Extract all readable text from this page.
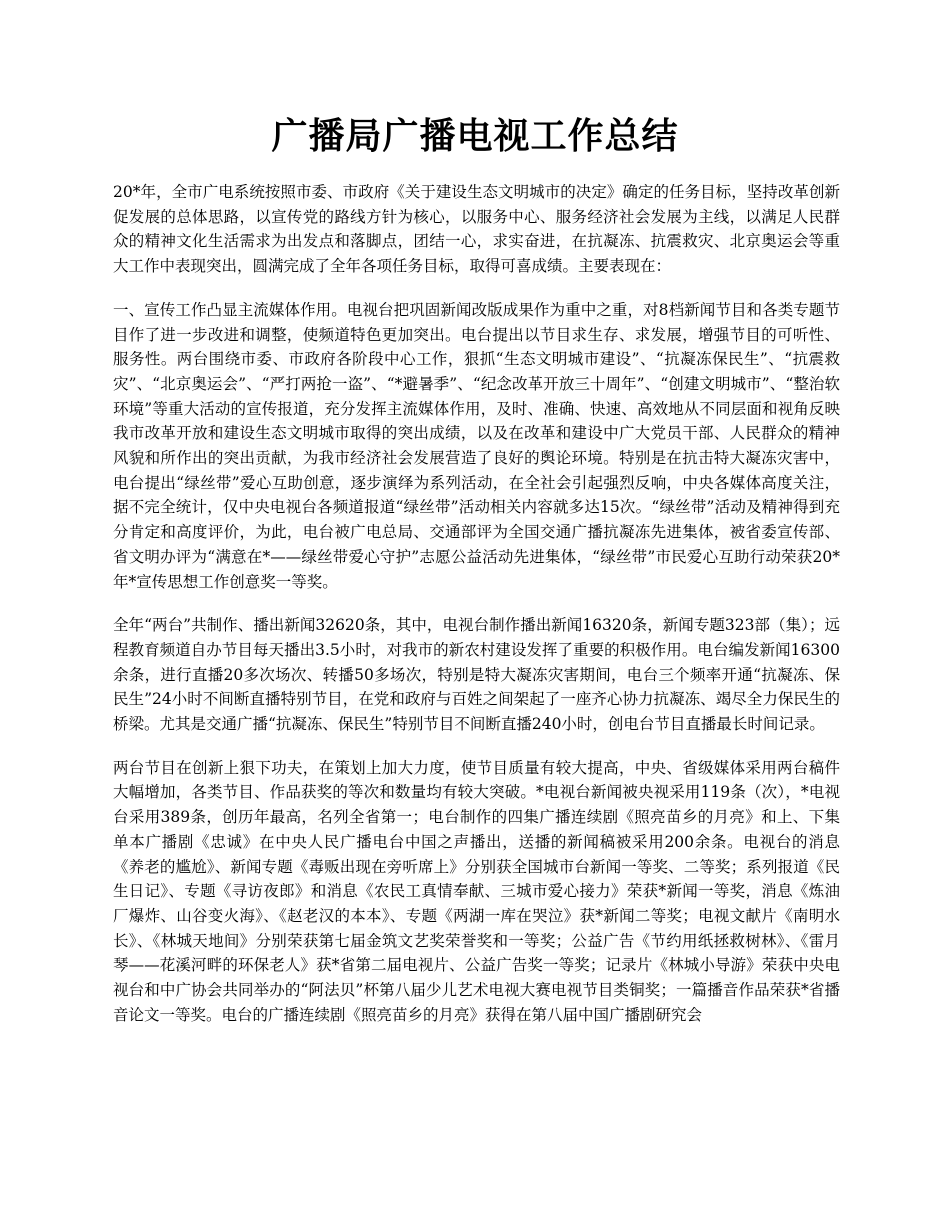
广播局广播电视工作总结

20*年，全市广电系统按照市委、市政府《关于建设生态文明城市的决定》确定的任务目标，坚持改革创新促发展的总体思路，以宣传党的路线方针为核心，以服务中心、服务经济社会发展为主线，以满足人民群众的精神文化生活需求为出发点和落脚点，团结一心，求实奋进，在抗凝冻、抗震救灾、北京奥运会等重大工作中表现突出，圆满完成了全年各项任务目标，取得可喜成绩。主要表现在：

一、宣传工作凸显主流媒体作用。电视台把巩固新闻改版成果作为重中之重，对8档新闻节目和各类专题节目作了进一步改进和调整，使频道特色更加突出。电台提出以节目求生存、求发展，增强节目的可听性、服务性。两台围绕市委、市政府各阶段中心工作，狠抓“生态文明城市建设”、“抗凝冻保民生”、“抗震救灾”、“北京奥运会”、“严打两抢一盗”、“*避暑季”、“纪念改革开放三十周年”、“创建文明城市”、“整治软环境”等重大活动的宣传报道，充分发挥主流媒体作用，及时、准确、快速、高效地从不同层面和视角反映我市改革开放和建设生态文明城市取得的突出成绩，以及在改革和建设中广大党员干部、人民群众的精神风貌和所作出的突出贡献，为我市经济社会发展营造了良好的舆论环境。特别是在抗击特大凝冻灾害中，电台提出“绿丝带”爱心互助创意，逐步演绎为系列活动，在全社会引起强烈反响，中央各媒体高度关注，据不完全统计，仅中央电视台各频道报道“绿丝带”活动相关内容就多达15次。“绿丝带”活动及精神得到充分肯定和高度评价，为此，电台被广电总局、交通部评为全国交通广播抗凝冻先进集体，被省委宣传部、省文明办评为“满意在*——绿丝带爱心守护”志愿公益活动先进集体，“绿丝带”市民爱心互助行动荣获20*年*宣传思想工作创意奖一等奖。

全年“两台”共制作、播出新闻32620条，其中，电视台制作播出新闻16320条，新闻专题323部（集）；远程教育频道自办节目每天播出3.5小时，对我市的新农村建设发挥了重要的积极作用。电台编发新闻16300余条，进行直播20多次场次、转播50多场次，特别是特大凝冻灾害期间，电台三个频率开通“抗凝冻、保民生”24小时不间断直播特别节目，在党和政府与百姓之间架起了一座齐心协力抗凝冻、竭尽全力保民生的桥梁。尤其是交通广播“抗凝冻、保民生”特别节目不间断直播240小时，创电台节目直播最长时间记录。

两台节目在创新上狠下功夫，在策划上加大力度，使节目质量有较大提高，中央、省级媒体采用两台稿件大幅增加，各类节目、作品获奖的等次和数量均有较大突破。*电视台新闻被央视采用119条（次），*电视台采用389条，创历年最高，名列全省第一；电台制作的四集广播连续剧《照亮苗乡的月亮》和上、下集单本广播剧《忠诚》在中央人民广播电台中国之声播出，送播的新闻稿被采用200余条。电视台的消息《养老的尴尬》、新闻专题《毒贩出现在旁听席上》分别获全国城市台新闻一等奖、二等奖；系列报道《民生日记》、专题《寻访夜郎》和消息《农民工真情奉献、三城市爱心接力》荣获*新闻一等奖，消息《炼油厂爆炸、山谷变火海》、《赵老汉的本本》、专题《两湖一库在哭泣》获*新闻二等奖；电视文献片《南明水长》、《林城天地间》分别荣获第七届金筑文艺奖荣誉奖和一等奖；公益广告《节约用纸拯救树林》、《雷月琴——花溪河畔的环保老人》获*省第二届电视片、公益广告奖一等奖；记录片《林城小导游》荣获中央电视台和中广协会共同举办的“阿法贝”杯第八届少儿艺术电视大赛电视节目类铜奖；一篇播音作品荣获*省播音论文一等奖。电台的广播连续剧《照亮苗乡的月亮》获得在第八届中国广播剧研究会
